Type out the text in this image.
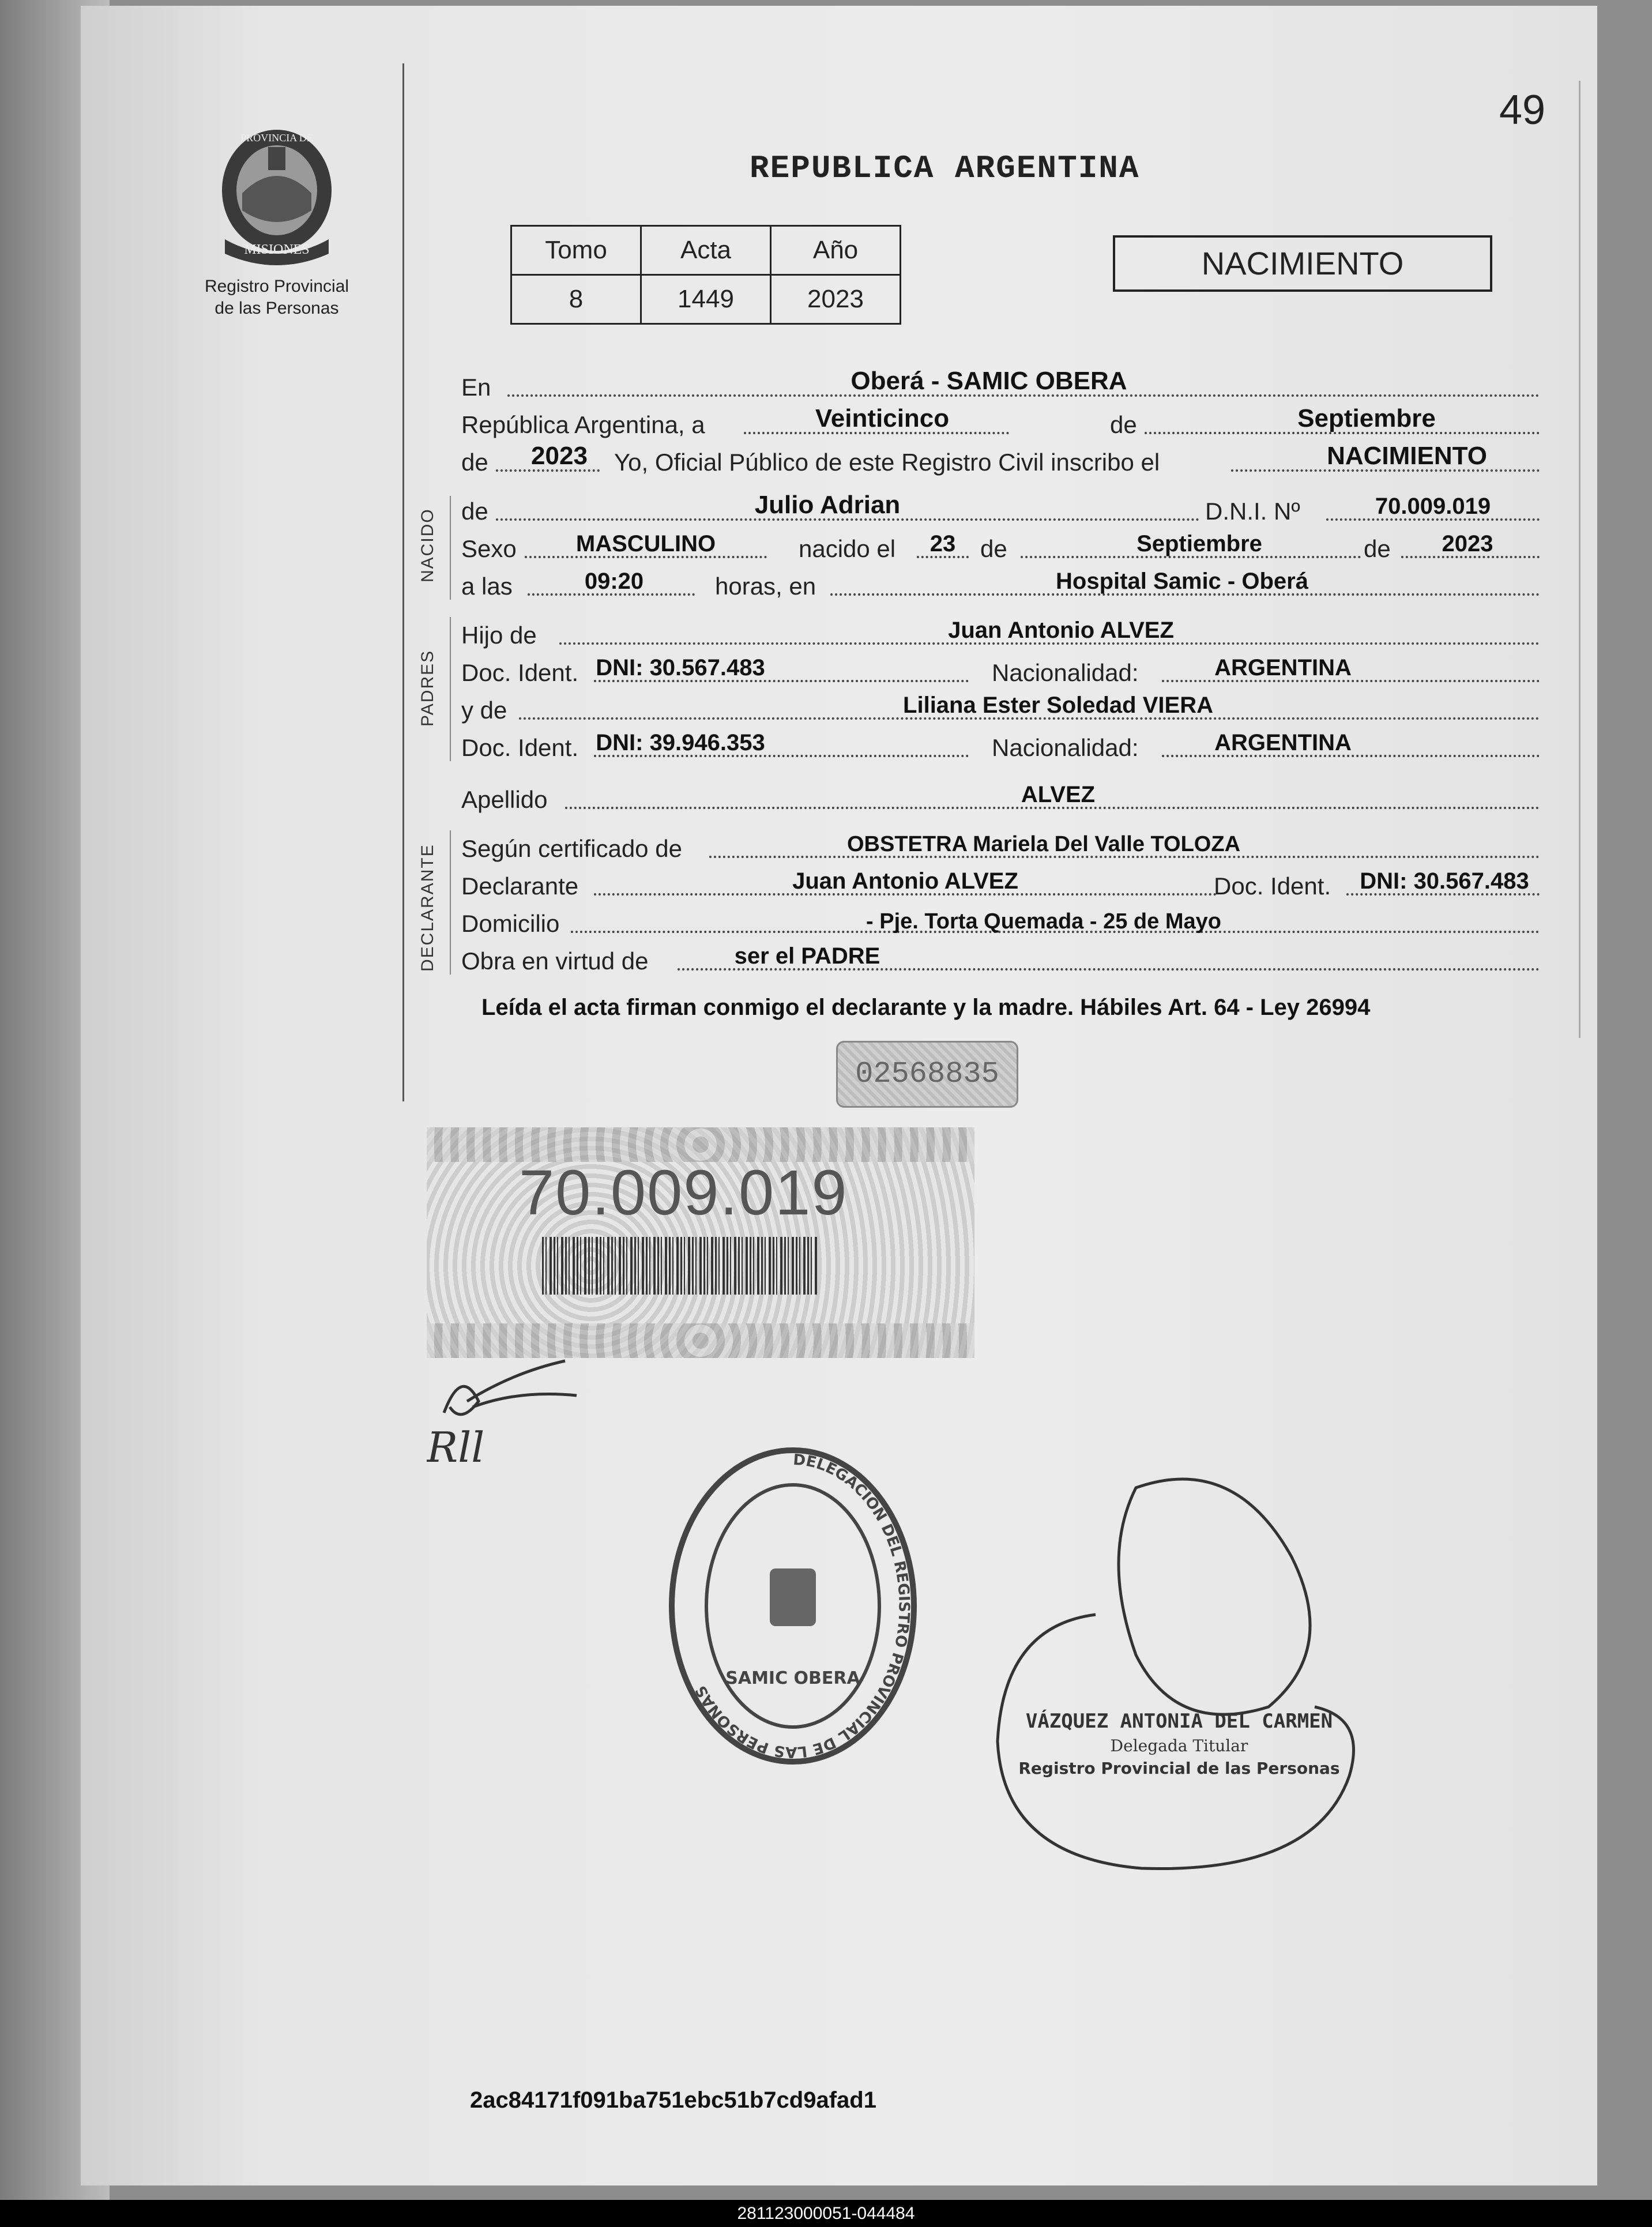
49
PROVINCIA DE
MISIONES
Registro Provincial
de las Personas
REPUBLICA ARGENTINA
Tomo	Acta	Año
8	1449	2023
NACIMIENTO
En	Oberá - SAMIC OBERA
República Argentina, a	Veinticinco	de	Septiembre
de 2023 Yo, Oficial Público de este Registro Civil inscribo el	NACIMIENTO
NACIDO de	Julio Adrian	D.N.I. Nº	70.009.019
Sexo	MASCULINO	nacido el 23 de	Septiembre	de 2023
a las	09:20	horas, en	Hospital Samic - Oberá
PADRES
Hijo de	Juan Antonio ALVEZ
Doc. Ident. DNI: 30.567.483	Nacionalidad:	ARGENTINA
y de	Liliana Ester Soledad VIERA
Doc. Ident. DNI: 39.946.353	Nacionalidad:	ARGENTINA
Apellido	ALVEZ
DECLARANTE Según certificado de	OBSTETRA Mariela Del Valle TOLOZA
Declarante	Juan Antonio ALVEZ	Doc. Ident. DNI: 30.567.483
Domicilio	- Pje. Torta Quemada - 25 de Mayo
Obra en virtud de	ser el PADRE
Leída el acta firman conmigo el declarante y la madre. Hábiles Art. 64 - Ley 26994
02568835
70.009.019
Rll	DELEGACIÓN DEL REGISTRO PROVINCIAL DE LAS PERSONAS
SAMIC OBERA
VÁZQUEZ ANTONIA DEL CARMEN
Delegada Titular
Registro Provincial de las Personas
2ac84171f091ba751ebc51b7cd9afad1
281123000051-044484
